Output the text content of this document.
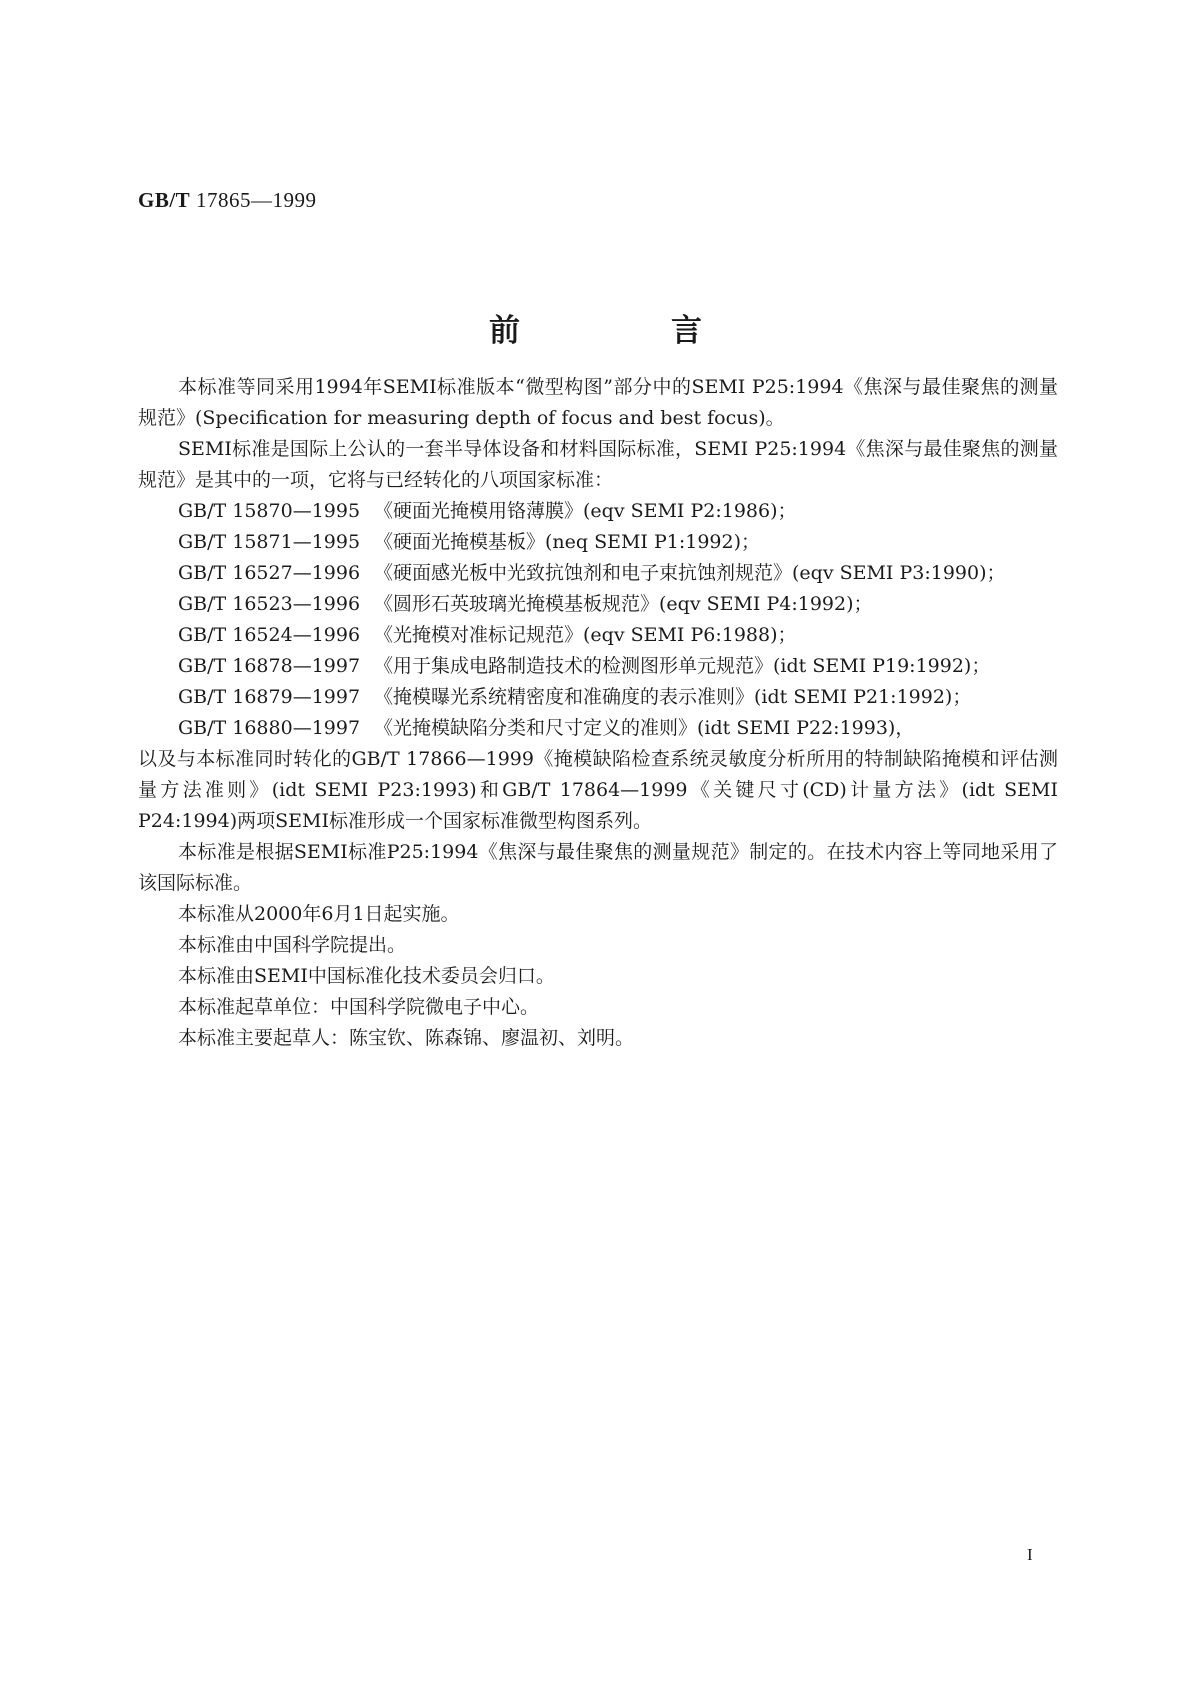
GB/T 17865—1999
前　言

本标准等同采用1994年SEMI标准版本“微型构图”部分中的SEMI P25:1994《焦深与最佳聚焦的测量规范》(Specification for measuring depth of focus and best focus)。

SEMI标准是国际上公认的一套半导体设备和材料国际标准，SEMI P25:1994《焦深与最佳聚焦的测量规范》是其中的一项，它将与已经转化的八项国家标准：

GB/T 15870—1995 《硬面光掩模用铬薄膜》(eqv SEMI P2:1986)；
GB/T 15871—1995 《硬面光掩模基板》(neq SEMI P1:1992)；
GB/T 16527—1996 《硬面感光板中光致抗蚀剂和电子束抗蚀剂规范》(eqv SEMI P3:1990)；
GB/T 16523—1996 《圆形石英玻璃光掩模基板规范》(eqv SEMI P4:1992)；
GB/T 16524—1996 《光掩模对准标记规范》(eqv SEMI P6:1988)；
GB/T 16878—1997 《用于集成电路制造技术的检测图形单元规范》(idt SEMI P19:1992)；
GB/T 16879—1997 《掩模曝光系统精密度和准确度的表示准则》(idt SEMI P21:1992)；
GB/T 16880—1997 《光掩模缺陷分类和尺寸定义的准则》(idt SEMI P22:1993)，

以及与本标准同时转化的GB/T 17866—1999《掩模缺陷检查系统灵敏度分析所用的特制缺陷掩模和评估测量方法准则》(idt SEMI P23:1993)和GB/T 17864—1999《关键尺寸(CD)计量方法》(idt SEMI P24:1994)两项SEMI标准形成一个国家标准微型构图系列。

本标准是根据SEMI标准P25:1994《焦深与最佳聚焦的测量规范》制定的。在技术内容上等同地采用了该国际标准。

本标准从2000年6月1日起实施。

本标准由中国科学院提出。

本标准由SEMI中国标准化技术委员会归口。

本标准起草单位：中国科学院微电子中心。

本标准主要起草人：陈宝钦、陈森锦、廖温初、刘明。

I
